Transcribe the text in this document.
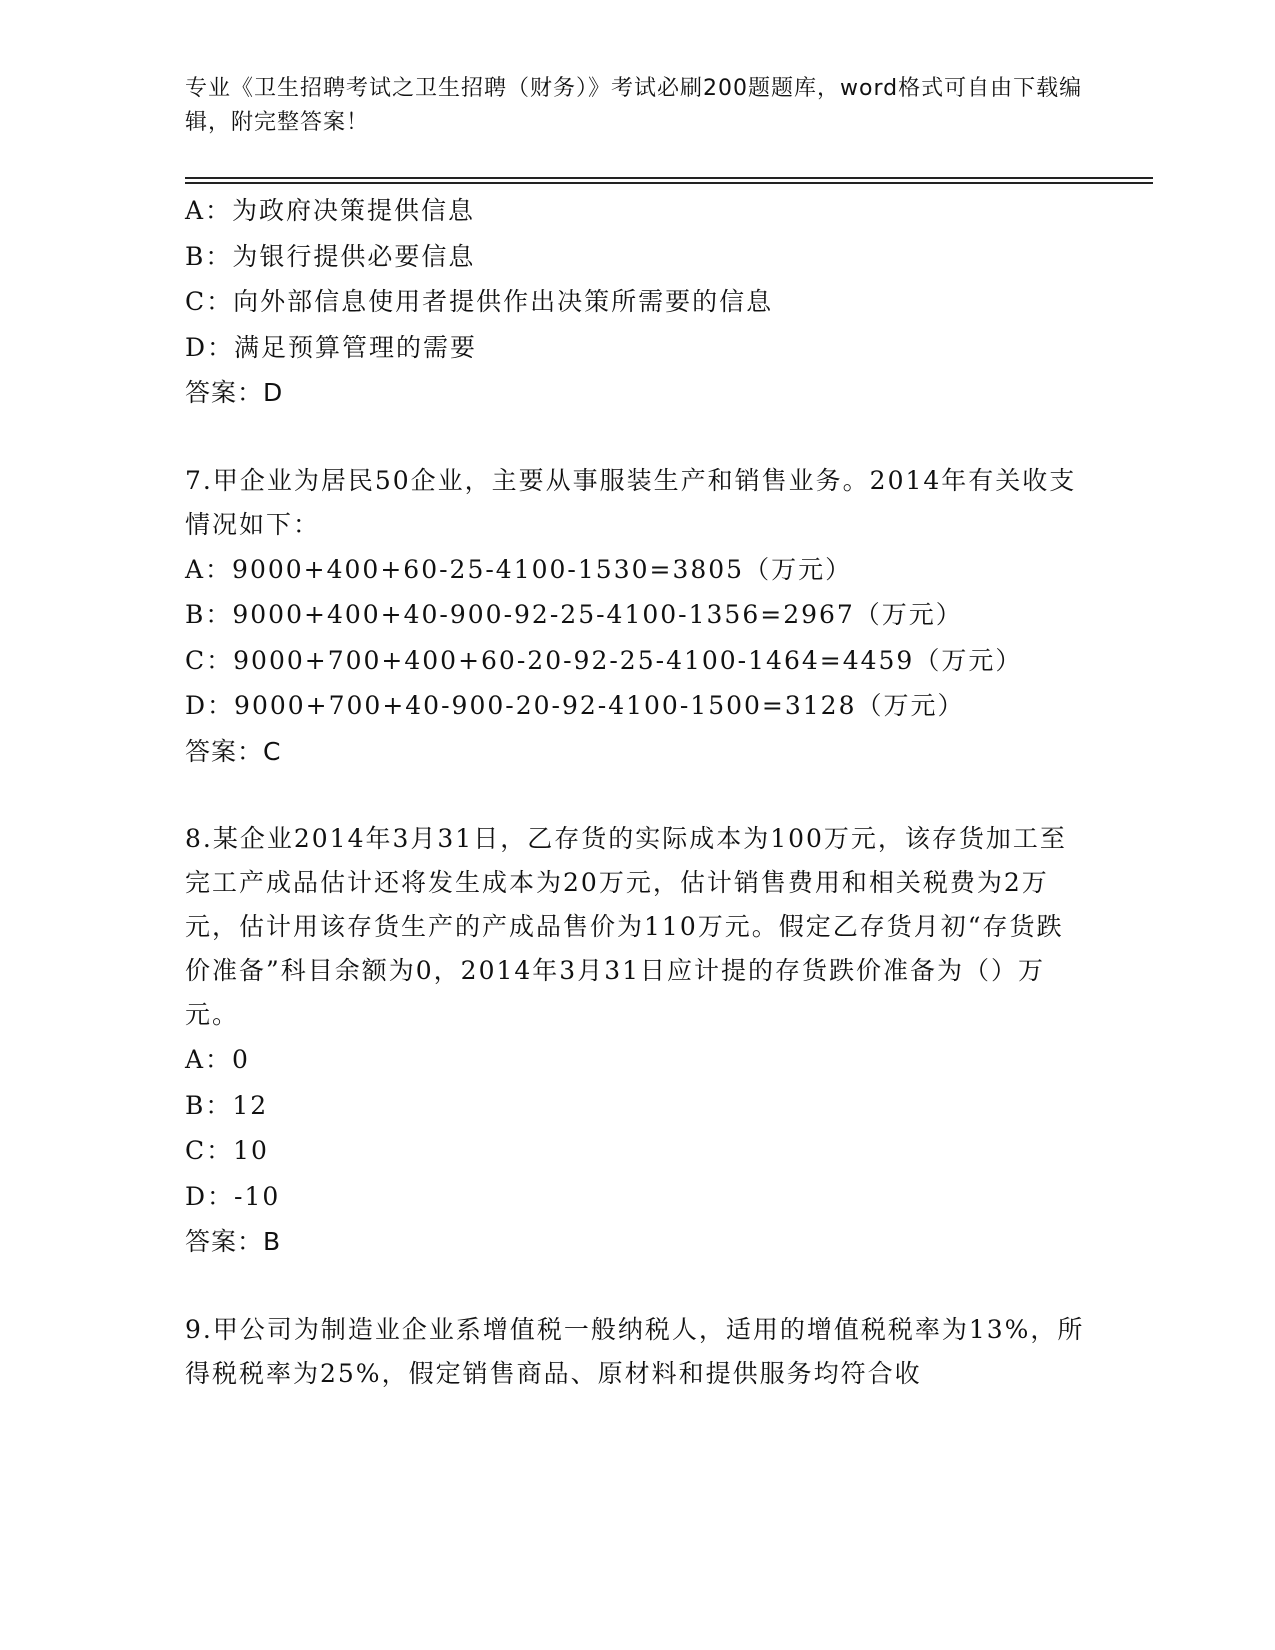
专业《卫生招聘考试之卫生招聘（财务）》考试必刷200题题库，word格式可自由下载编辑，附完整答案！
A：为政府决策提供信息
B：为银行提供必要信息
C：向外部信息使用者提供作出决策所需要的信息
D：满足预算管理的需要
答案：D

7.甲企业为居民50企业，主要从事服装生产和销售业务。2014年有关收支情况如下：

A：9000+400+60-25-4100-1530=3805（万元）
B：9000+400+40-900-92-25-4100-1356=2967（万元）
C：9000+700+400+60-20-92-25-4100-1464=4459（万元）
D：9000+700+40-900-20-92-4100-1500=3128（万元）
答案：C

8.某企业2014年3月31日，乙存货的实际成本为100万元，该存货加工至完工产成品估计还将发生成本为20万元，估计销售费用和相关税费为2万元，估计用该存货生产的产成品售价为110万元。假定乙存货月初“存货跌价准备”科目余额为0，2014年3月31日应计提的存货跌价准备为（）万元。

A：0
B：12
C：10
D：-10
答案：B

9.甲公司为制造业企业系增值税一般纳税人，适用的增值税税率为13%，所得税税率为25%，假定销售商品、原材料和提供服务均符合收
